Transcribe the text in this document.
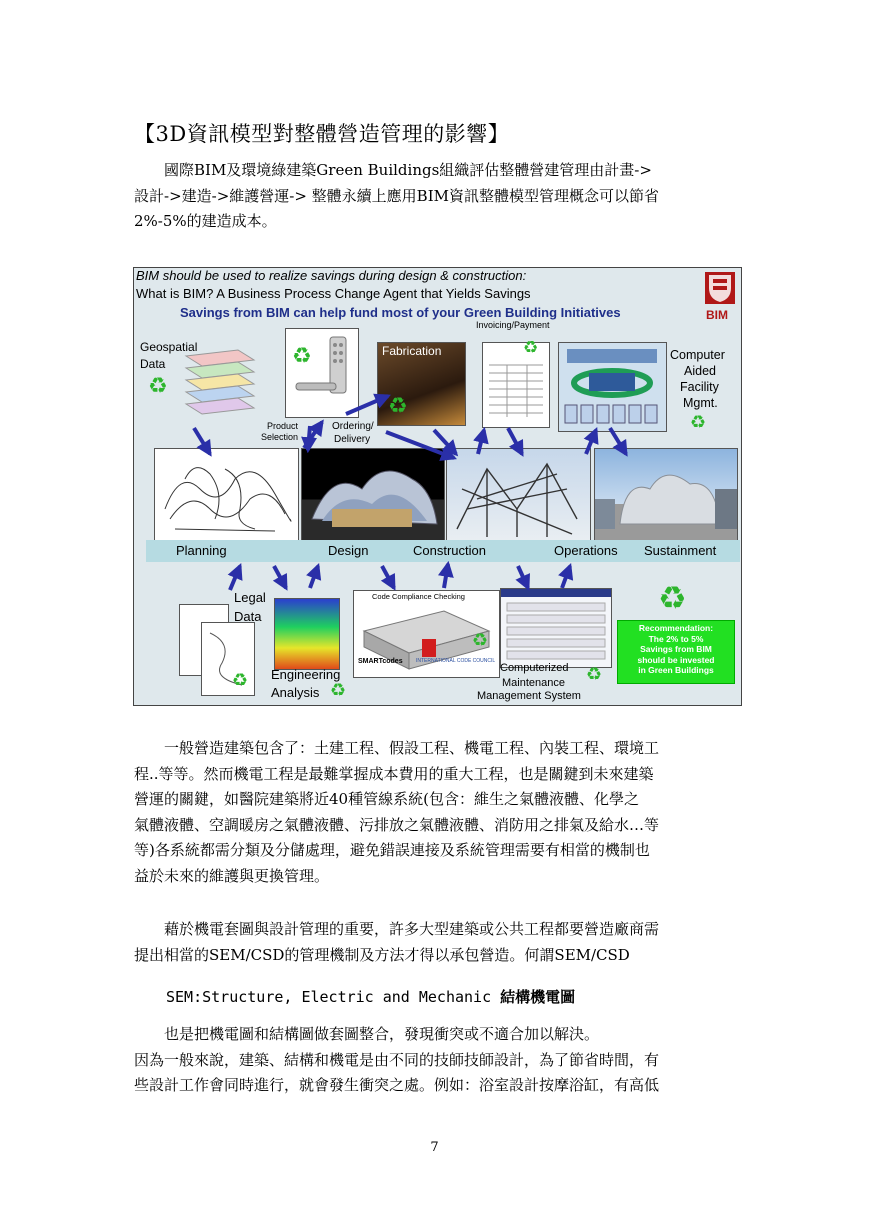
【3D資訊模型對整體營造管理的影響】
　　國際BIM及環境綠建築Green Buildings組織評估整體營建管理由計畫->
設計->建造->維護營運-> 整體永續上應用BIM資訊整體模型管理概念可以節省
2%-5%的建造成本。
BIM should be used to realize savings during design & construction:
What is BIM? A Business Process Change Agent that Yields Savings
Savings from BIM can help fund most of your Green Building Initiatives	BIM
Geospatial
Data
♻
♻
Product
Selection
Ordering/
Delivery
Fabrication
♻
Invoicing/Payment
♻	Computer
Aided
Facility
Mgmt.
♻
Planning	Design	Construction	Operations Sustainment
♻
Legal
Data
Engineering
Analysis ♻
Code Compliance Checking
SMARTcodes	INTERNATIONAL CODE COUNCIL
♻
Computerized
Maintenance
Management System
♻
♻
Recommendation:
The 2% to 5%
Savings from BIM
should be invested
in Green Buildings
　　一般營造建築包含了：土建工程、假設工程、機電工程、內裝工程、環境工
程..等等。然而機電工程是最難掌握成本費用的重大工程，也是關鍵到未來建築
營運的關鍵，如醫院建築將近40種管線系統(包含：維生之氣體液體、化學之
氣體液體、空調暖房之氣體液體、污排放之氣體液體、消防用之排氣及給水…等
等)各系統都需分類及分儲處理，避免錯誤連接及系統管理需要有相當的機制也
益於未來的維護與更換管理。
　　藉於機電套圖與設計管理的重要，許多大型建築或公共工程都要營造廠商需
提出相當的SEM/CSD的管理機制及方法才得以承包營造。何謂SEM/CSD
SEM:Structure, Electric and Mechanic 結構機電圖
　　也是把機電圖和結構圖做套圖整合，發現衝突或不適合加以解決。
因為一般來說，建築、結構和機電是由不同的技師技師設計，為了節省時間，有
些設計工作會同時進行，就會發生衝突之處。例如：浴室設計按摩浴缸，有高低
7
